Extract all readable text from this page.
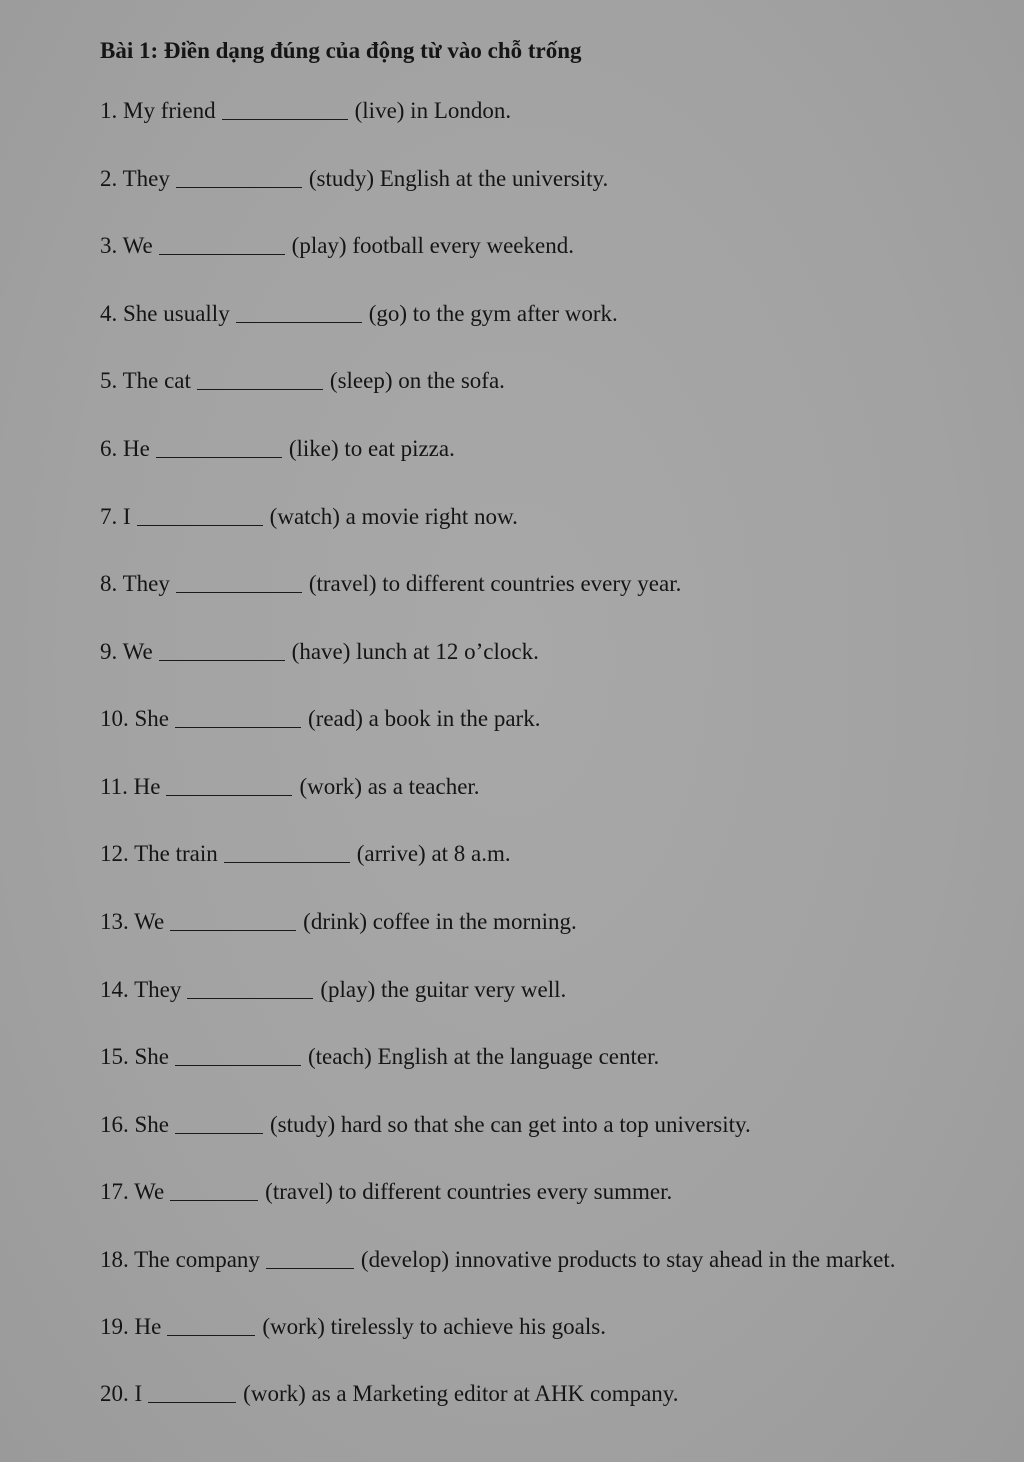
Bài 1: Điền dạng đúng của động từ vào chỗ trống
1. My friend	(live) in London.
2. They	(study) English at the university.
3. We	(play) football every weekend.
4. She usually	(go) to the gym after work.
5. The cat	(sleep) on the sofa.
6. He	(like) to eat pizza.
7. I	(watch) a movie right now.
8. They	(travel) to different countries every year.
9. We	(have) lunch at 12 o’clock.
10. She	(read) a book in the park.
11. He	(work) as a teacher.
12. The train	(arrive) at 8 a.m.
13. We	(drink) coffee in the morning.
14. They	(play) the guitar very well.
15. She	(teach) English at the language center.
16. She	(study) hard so that she can get into a top university.
17. We	(travel) to different countries every summer.
18. The company	(develop) innovative products to stay ahead in the market.
19. He	(work) tirelessly to achieve his goals.
20. I	(work) as a Marketing editor at AHK company.
